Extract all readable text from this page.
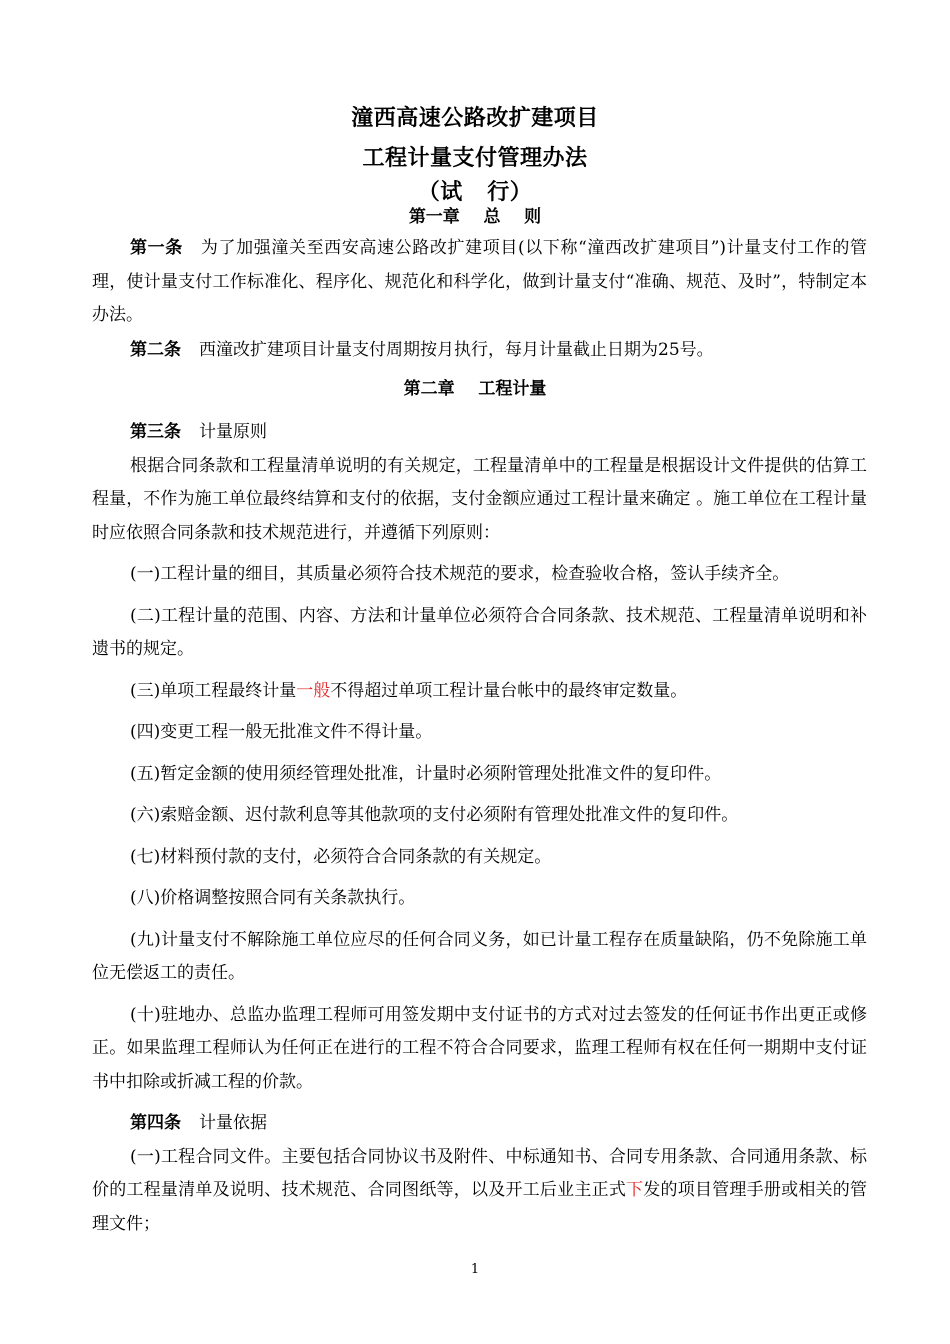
潼西高速公路改扩建项目
工程计量支付管理办法
（试   行）
第一章    总    则

第一条 为了加强潼关至西安高速公路改扩建项目(以下称“潼西改扩建项目”)计量支付工作的管理，使计量支付工作标准化、程序化、规范化和科学化，做到计量支付“准确、规范、及时”，特制定本办法。

第二条 西潼改扩建项目计量支付周期按月执行，每月计量截止日期为25号。

第二章    工程计量

第三条 计量原则

根据合同条款和工程量清单说明的有关规定，工程量清单中的工程量是根据设计文件提供的估算工程量，不作为施工单位最终结算和支付的依据，支付金额应通过工程计量来确定 。施工单位在工程计量时应依照合同条款和技术规范进行，并遵循下列原则：

(一)工程计量的细目，其质量必须符合技术规范的要求，检查验收合格，签认手续齐全。

(二)工程计量的范围、内容、方法和计量单位必须符合合同条款、技术规范、工程量清单说明和补遗书的规定。

(三)单项工程最终计量一般不得超过单项工程计量台帐中的最终审定数量。

(四)变更工程一般无批准文件不得计量。

(五)暂定金额的使用须经管理处批准，计量时必须附管理处批准文件的复印件。

(六)索赔金额、迟付款利息等其他款项的支付必须附有管理处批准文件的复印件。

(七)材料预付款的支付，必须符合合同条款的有关规定。

(八)价格调整按照合同有关条款执行。

(九)计量支付不解除施工单位应尽的任何合同义务，如已计量工程存在质量缺陷，仍不免除施工单位无偿返工的责任。

(十)驻地办、总监办监理工程师可用签发期中支付证书的方式对过去签发的任何证书作出更正或修正。如果监理工程师认为任何正在进行的工程不符合合同要求，监理工程师有权在任何一期期中支付证书中扣除或折减工程的价款。

第四条 计量依据

(一)工程合同文件。主要包括合同协议书及附件、中标通知书、合同专用条款、合同通用条款、标价的工程量清单及说明、技术规范、合同图纸等，以及开工后业主正式下发的项目管理手册或相关的管理文件；

1
